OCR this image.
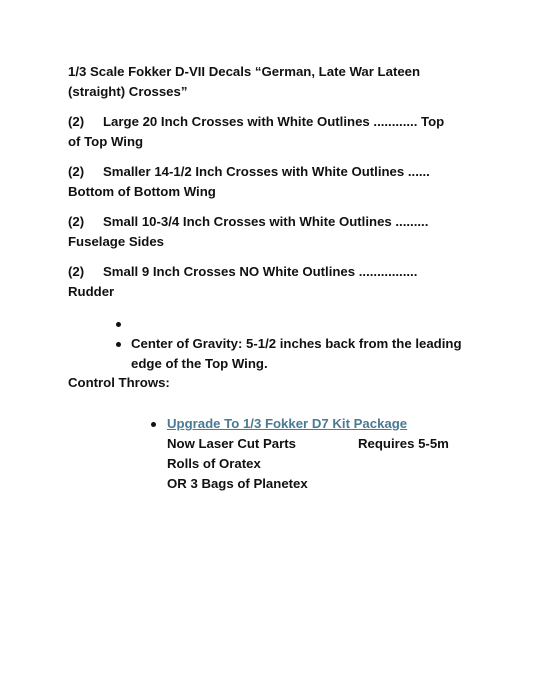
1/3 Scale Fokker D-VII Decals “German, Late War Lateen
(straight) Crosses”
(2) Large 20 Inch Crosses with White Outlines ............ Top
of Top Wing
(2) Smaller 14-1/2 Inch Crosses with White Outlines ......
Bottom of Bottom Wing
(2) Small 10-3/4 Inch Crosses with White Outlines .........
Fuselage Sides
(2) Small 9 Inch Crosses NO White Outlines ................
Rudder
Center of Gravity: 5-1/2 inches back from the leading
edge of the Top Wing.
Control Throws:
Upgrade To 1/3 Fokker D7 Kit Package
Now Laser Cut Parts	Requires 5-5m
Rolls of Oratex
OR 3 Bags of Planetex
